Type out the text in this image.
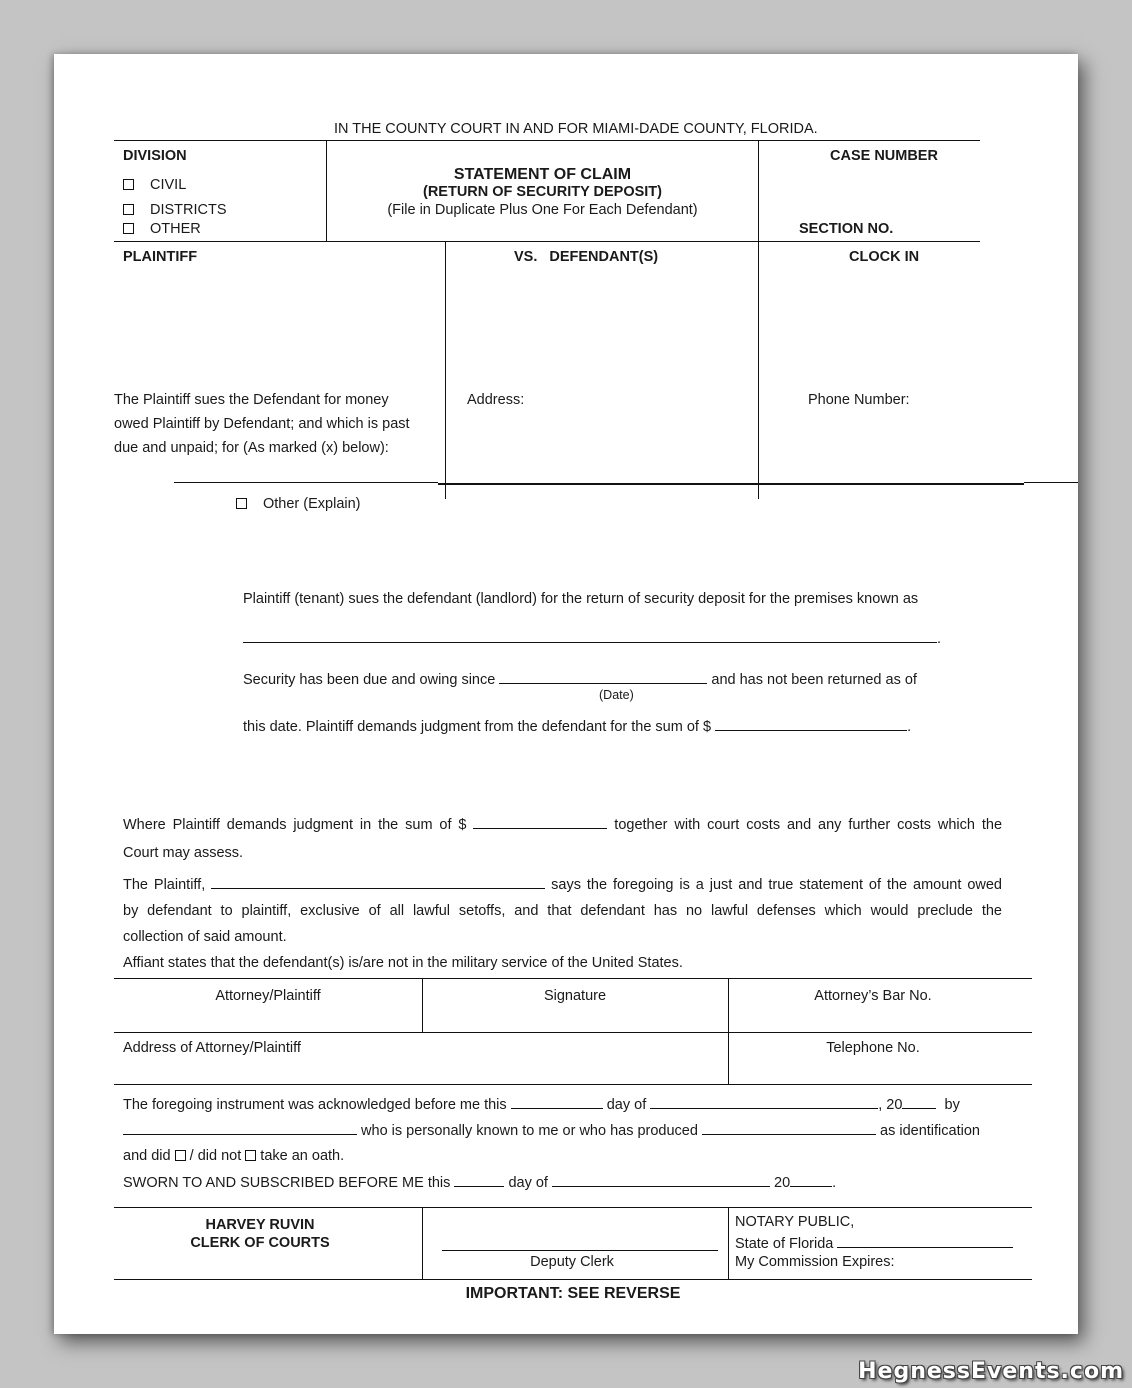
IN THE COUNTY COURT IN AND FOR MIAMI-DADE COUNTY, FLORIDA.
DIVISION
CIVIL
DISTRICTS
OTHER
STATEMENT OF CLAIM
(RETURN OF SECURITY DEPOSIT)
(File in Duplicate Plus One For Each Defendant)
CASE NUMBER
SECTION NO.
PLAINTIFF	VS. DEFENDANT(S)	CLOCK IN
The Plaintiff sues the Defendant for money
owed Plaintiff by Defendant; and which is past
due and unpaid; for (As marked (x) below):
Address:	Phone Number:
Other (Explain)
Plaintiff (tenant) sues the defendant (landlord) for the return of security deposit for the premises known as
.
Security has been due and owing since	and has not been returned as of
(Date)
this date. Plaintiff demands judgment from the defendant for the sum of $	.
Where Plaintiff demands judgment in the sum of $	together with court costs and any further costs which the
Court may assess.
The Plaintiff,	says the foregoing is a just and true statement of the amount owed
by defendant to plaintiff, exclusive of all lawful setoffs, and that defendant has no lawful defenses which would preclude the
collection of said amount.
Affiant states that the defendant(s) is/are not in the military service of the United States.
Attorney/Plaintiff	Signature	Attorney’s Bar No.
Address of Attorney/Plaintiff	Telephone No.
The foregoing instrument was acknowledged before me this	day of	, 20	by
who is personally known to me or who has produced	as identification
and did / did not take an oath.
SWORN TO AND SUBSCRIBED BEFORE ME this	day of	20	.
HARVEY RUVIN
CLERK OF COURTS
Deputy Clerk
NOTARY PUBLIC,
State of Florida
My Commission Expires:
IMPORTANT: SEE REVERSE
HegnessEvents.com
